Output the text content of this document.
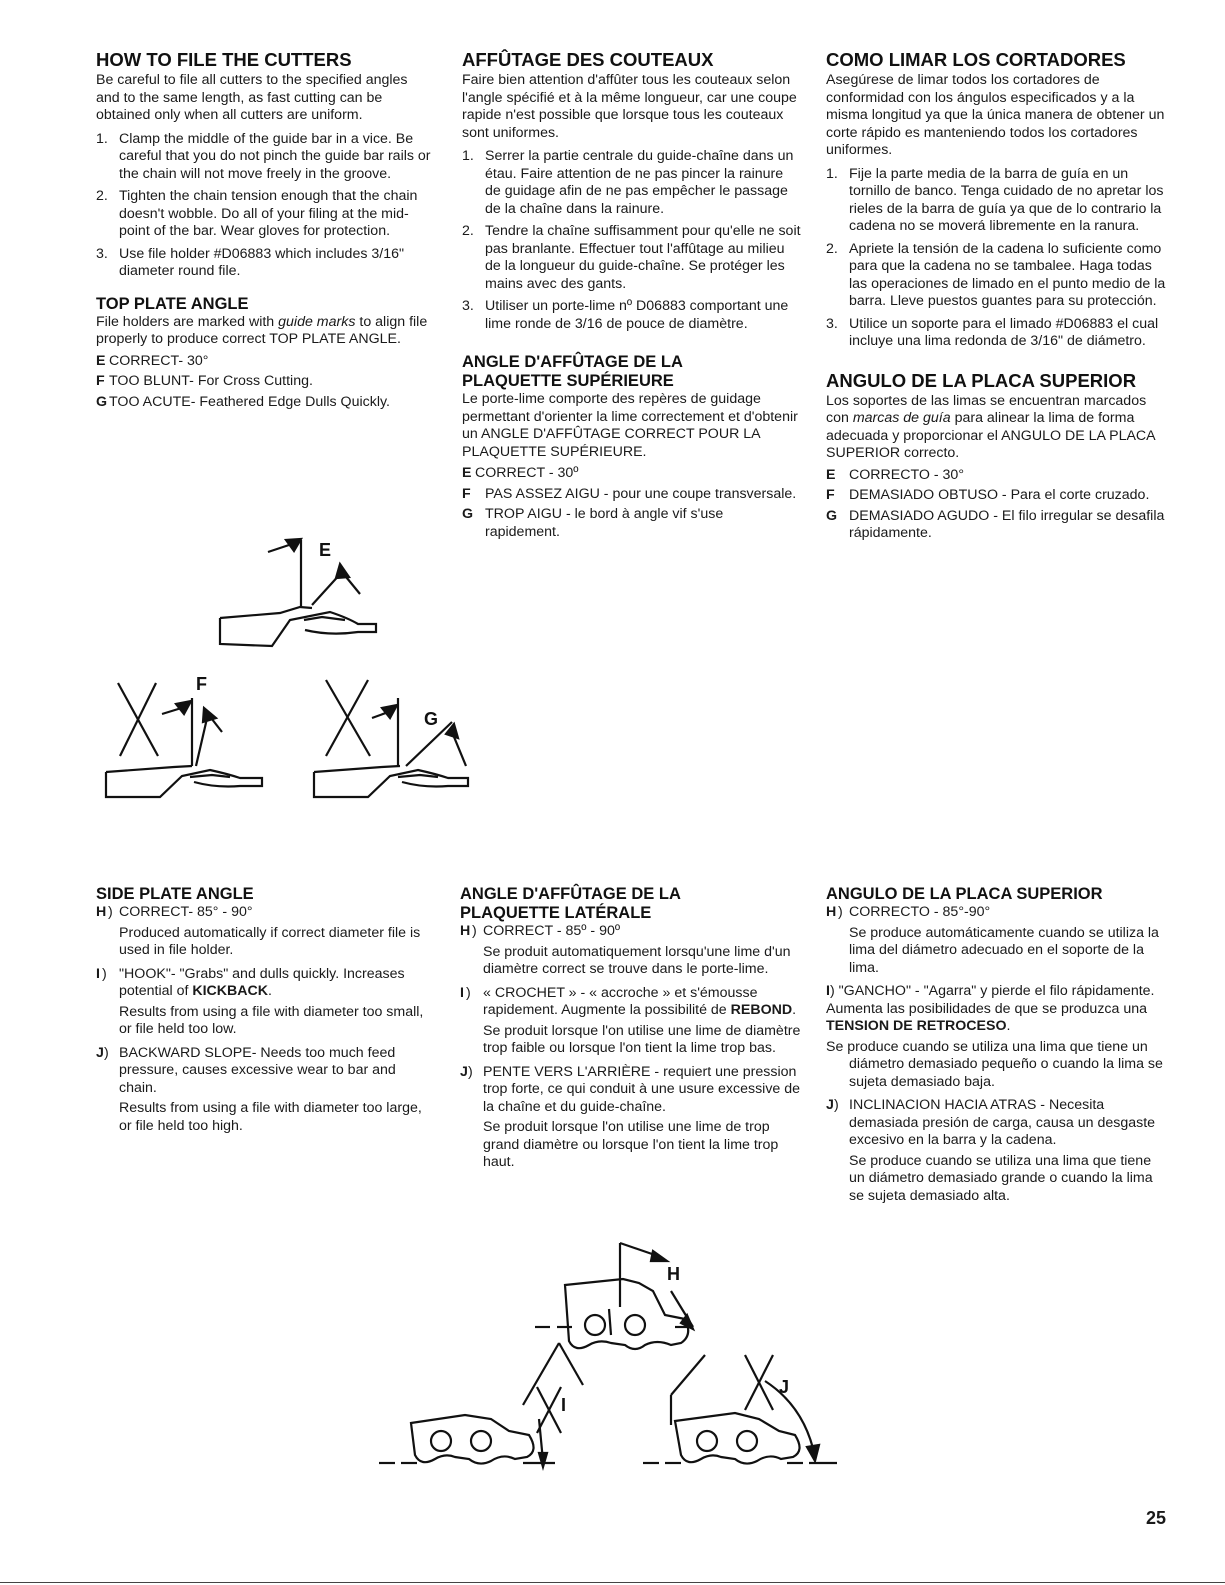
HOW TO FILE THE CUTTERS

Be careful to file all cutters to the specified angles and to the same length, as fast cutting can be obtained only when all cutters are uniform.

1. Clamp the middle of the guide bar in a vice. Be careful that you do not pinch the guide bar rails or the chain will not move freely in the groove.
2. Tighten the chain tension enough that the chain doesn't wobble. Do all of your filing at the mid-point of the bar. Wear gloves for protection.
3. Use file holder #D06883 which includes 3/16" diameter round file.
TOP PLATE ANGLE

File holders are marked with guide marks to align file properly to produce correct TOP PLATE ANGLE.

E CORRECT- 30°
F TOO BLUNT- For Cross Cutting.
G TOO ACUTE- Feathered Edge Dulls Quickly.
AFFÛTAGE DES COUTEAUX

Faire bien attention d'affûter tous les couteaux selon l'angle spécifié et à la même longueur, car une coupe rapide n'est possible que lorsque tous les couteaux sont uniformes.

1. Serrer la partie centrale du guide-chaîne dans un étau. Faire attention de ne pas pincer la rainure de guidage afin de ne pas empêcher le passage de la chaîne dans la rainure.
2. Tendre la chaîne suffisamment pour qu'elle ne soit pas branlante. Effectuer tout l'affûtage au milieu de la longueur du guide-chaîne. Se protéger les mains avec des gants.
3. Utiliser un porte-lime nº D06883 comportant une lime ronde de 3/16 de pouce de diamètre.
ANGLE D'AFFÛTAGE DE LA
PLAQUETTE SUPÉRIEURE

Le porte-lime comporte des repères de guidage permettant d'orienter la lime correctement et d'obtenir un ANGLE D'AFFÛTAGE CORRECT POUR LA PLAQUETTE SUPÉRIEURE.

E CORRECT - 30º
F PAS ASSEZ AIGU - pour une coupe transversale.
G TROP AIGU - le bord à angle vif s'use rapidement.
COMO LIMAR LOS CORTADORES

Asegúrese de limar todos los cortadores de conformidad con los ángulos especificados y a la misma longitud ya que la única manera de obtener un corte rápido es manteniendo todos los cortadores uniformes.

1. Fije la parte media de la barra de guía en un tornillo de banco. Tenga cuidado de no apretar los rieles de la barra de guía ya que de lo contrario la cadena no se moverá libremente en la ranura.
2. Apriete la tensión de la cadena lo suficiente como para que la cadena no se tambalee. Haga todas las operaciones de limado en el punto medio de la barra. Lleve puestos guantes para su protección.
3. Utilice un soporte para el limado #D06883 el cual incluye una lima redonda de 3/16" de diámetro.
ANGULO DE LA PLACA SUPERIOR

Los soportes de las limas se encuentran marcados con marcas de guía para alinear la lima de forma adecuada y proporcionar el ANGULO DE LA PLACA SUPERIOR correcto.

E CORRECTO - 30°
F DEMASIADO OBTUSO - Para el corte cruzado.
G DEMASIADO AGUDO - El filo irregular se desafila rápidamente.
E
F
G
SIDE PLATE ANGLE
H ) CORRECT- 85° - 90°

Produced automatically if correct diameter file is used in file holder.

I ) "HOOK"- "Grabs" and dulls quickly. Increases potential of KICKBACK.

Results from using a file with diameter too small, or file held too low.

J ) BACKWARD SLOPE- Needs too much feed pressure, causes excessive wear to bar and chain.

Results from using a file with diameter too large, or file held too high.

ANGLE D'AFFÛTAGE DE LA
PLAQUETTE LATÉRALE
H ) CORRECT - 85º - 90º

Se produit automatiquement lorsqu'une lime d'un diamètre correct se trouve dans le porte-lime.

I ) « CROCHET » - « accroche » et s'émousse rapidement. Augmente la possibilité de REBOND.

Se produit lorsque l'on utilise une lime de diamètre trop faible ou lorsque l'on tient la lime trop bas.

J ) PENTE VERS L'ARRIÈRE - requiert une pression trop forte, ce qui conduit à une usure excessive de la chaîne et du guide-chaîne.

Se produit lorsque l'on utilise une lime de trop grand diamètre ou lorsque l'on tient la lime trop haut.

ANGULO DE LA PLACA SUPERIOR
H ) CORRECTO - 85°-90°

Se produce automáticamente cuando se utiliza la lima del diámetro adecuado en el soporte de la lima.

I) "GANCHO" - "Agarra" y pierde el filo rápidamente. Aumenta las posibilidades de que se produzca una TENSION DE RETROCESO.

Se produce cuando se utiliza una lima que tiene un diámetro demasiado pequeño o cuando la lima se sujeta demasiado baja.

J ) INCLINACION HACIA ATRAS - Necesita demasiada presión de carga, causa un desgaste excesivo en la barra y la cadena.

Se produce cuando se utiliza una lima que tiene un diámetro demasiado grande o cuando la lima se sujeta demasiado alta.

H
I
J
25
